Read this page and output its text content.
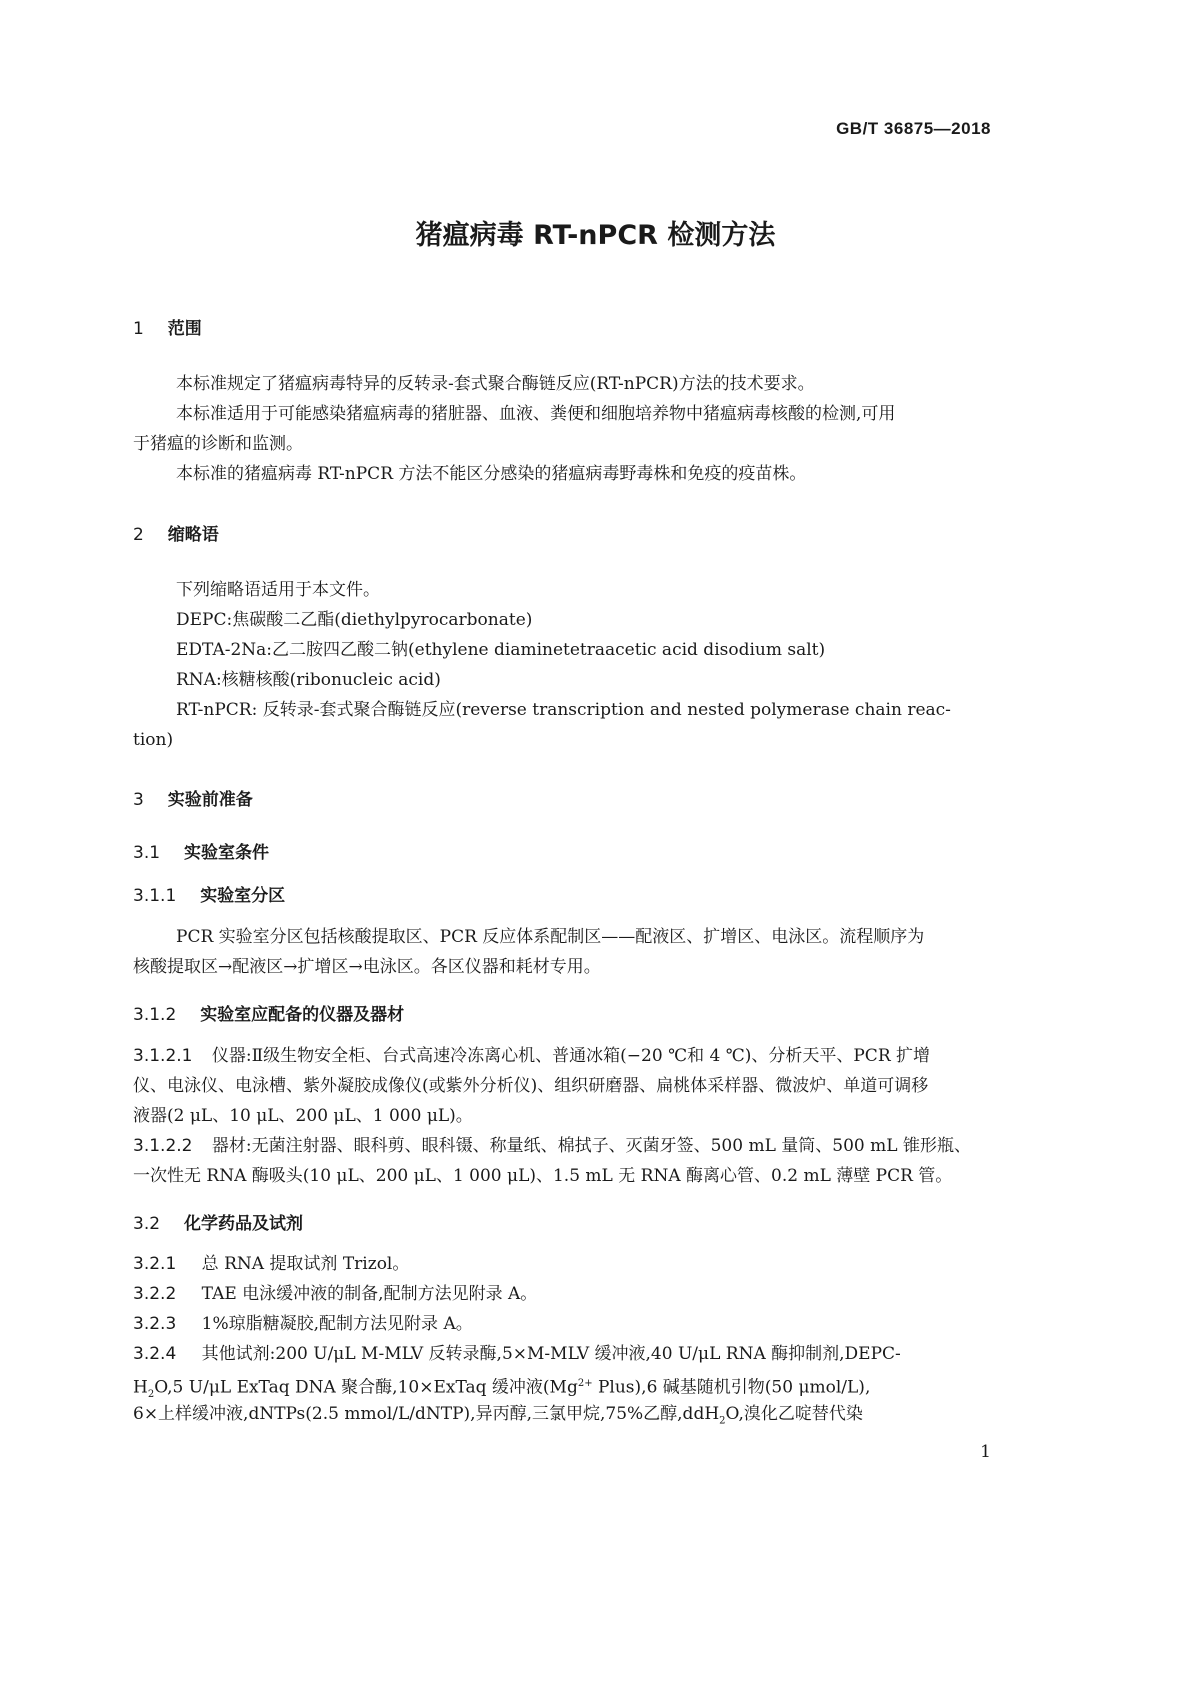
GB/T 36875—2018
猪瘟病毒 RT-nPCR 检测方法
1 范围
本标准规定了猪瘟病毒特异的反转录-套式聚合酶链反应(RT-nPCR)方法的技术要求。
本标准适用于可能感染猪瘟病毒的猪脏器、血液、粪便和细胞培养物中猪瘟病毒核酸的检测,可用
于猪瘟的诊断和监测。
本标准的猪瘟病毒 RT-nPCR 方法不能区分感染的猪瘟病毒野毒株和免疫的疫苗株。
2 缩略语
下列缩略语适用于本文件。
DEPC:焦碳酸二乙酯(diethylpyrocarbonate)
EDTA-2Na:乙二胺四乙酸二钠(ethylene diaminetetraacetic acid disodium salt)
RNA:核糖核酸(ribonucleic acid)
RT-nPCR: 反转录-套式聚合酶链反应(reverse transcription and nested polymerase chain reac-
tion)
3 实验前准备
3.1 实验室条件
3.1.1 实验室分区
PCR 实验室分区包括核酸提取区、PCR 反应体系配制区——配液区、扩增区、电泳区。流程顺序为
核酸提取区→配液区→扩增区→电泳区。各区仪器和耗材专用。
3.1.2 实验室应配备的仪器及器材
3.1.2.1 仪器:Ⅱ级生物安全柜、台式高速冷冻离心机、普通冰箱(−20 ℃和 4 ℃)、分析天平、PCR 扩增
仪、电泳仪、电泳槽、紫外凝胶成像仪(或紫外分析仪)、组织研磨器、扁桃体采样器、微波炉、单道可调移
液器(2 μL、10 μL、200 μL、1 000 μL)。
3.1.2.2 器材:无菌注射器、眼科剪、眼科镊、称量纸、棉拭子、灭菌牙签、500 mL 量筒、500 mL 锥形瓶、
一次性无 RNA 酶吸头(10 μL、200 μL、1 000 μL)、1.5 mL 无 RNA 酶离心管、0.2 mL 薄壁 PCR 管。
3.2 化学药品及试剂
3.2.1 总 RNA 提取试剂 Trizol。
3.2.2 TAE 电泳缓冲液的制备,配制方法见附录 A。
3.2.3 1%琼脂糖凝胶,配制方法见附录 A。
3.2.4 其他试剂:200 U/μL M-MLV 反转录酶,5×M-MLV 缓冲液,40 U/μL RNA 酶抑制剂,DEPC-
$H_2O,5$ U/μL ExTaq DNA 聚合酶,10×ExTaq 缓冲液($Mg^{2+}$ Plus),6 碱基随机引物(50 μmol/L),
6×上样缓冲液,dNTPs(2.5 mmol/L/dNTP),异丙醇,三氯甲烷,75%乙醇,ddH$_2$O,溴化乙啶替代染
1
